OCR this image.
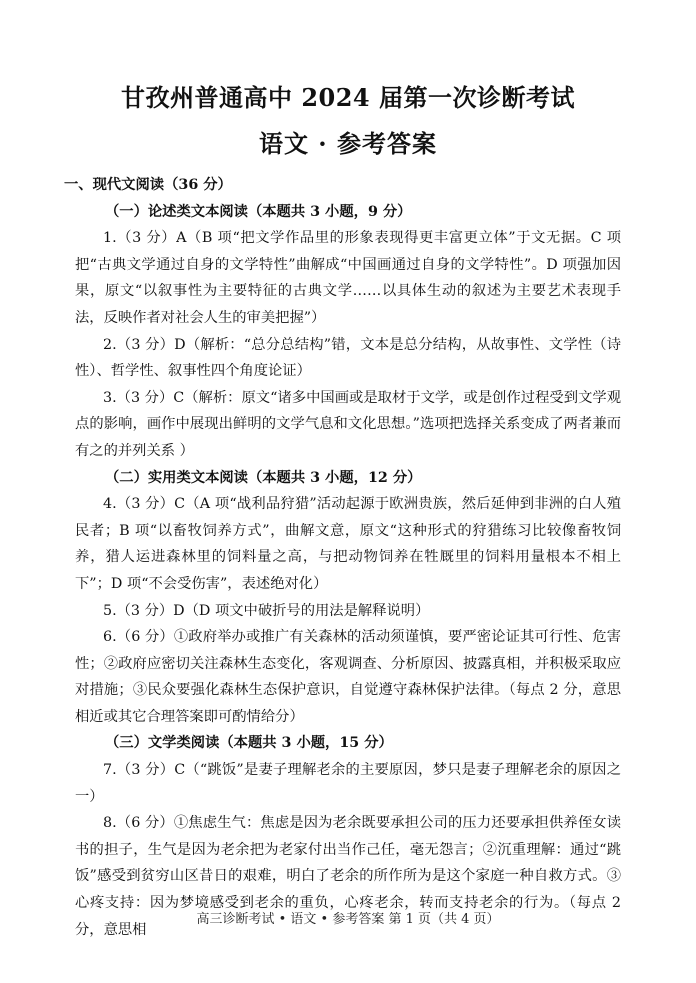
甘孜州普通高中 2024 届第一次诊断考试
语文 · 参考答案

一、现代文阅读（36 分）

（一）论述类文本阅读（本题共 3 小题，9 分）

1.（3 分）A（B 项“把文学作品里的形象表现得更丰富更立体”于文无据。C 项把“古典文学通过自身的文学特性”曲解成“中国画通过自身的文学特性”。D 项强加因果，原文“以叙事性为主要特征的古典文学……以具体生动的叙述为主要艺术表现手法，反映作者对社会人生的审美把握”）

2.（3 分）D（解析：“总分总结构”错，文本是总分结构，从故事性、文学性（诗性）、哲学性、叙事性四个角度论证）

3.（3 分）C（解析：原文“诸多中国画或是取材于文学，或是创作过程受到文学观点的影响，画作中展现出鲜明的文学气息和文化思想。”选项把选择关系变成了两者兼而有之的并列关系 ）

（二）实用类文本阅读（本题共 3 小题，12 分）

4.（3 分）C（A 项“战利品狩猎”活动起源于欧洲贵族，然后延伸到非洲的白人殖民者；B 项“以畜牧饲养方式”，曲解文意，原文“这种形式的狩猎练习比较像畜牧饲养，猎人运进森林里的饲料量之高，与把动物饲养在牲厩里的饲料用量根本不相上下”；D 项“不会受伤害”，表述绝对化）

5.（3 分）D（D 项文中破折号的用法是解释说明）

6.（6 分）①政府举办或推广有关森林的活动须谨慎，要严密论证其可行性、危害性；②政府应密切关注森林生态变化，客观调查、分析原因、披露真相，并积极采取应对措施；③民众要强化森林生态保护意识，自觉遵守森林保护法律。（每点 2 分，意思相近或其它合理答案即可酌情给分）

（三）文学类阅读（本题共 3 小题，15 分）

7.（3 分）C（“跳饭”是妻子理解老余的主要原因，梦只是妻子理解老余的原因之一）

8.（6 分）①焦虑生气：焦虑是因为老余既要承担公司的压力还要承担供养侄女读书的担子，生气是因为老余把为老家付出当作己任，毫无怨言；②沉重理解：通过“跳饭”感受到贫穷山区昔日的艰难，明白了老余的所作所为是这个家庭一种自救方式。③心疼支持：因为梦境感受到老余的重负，心疼老余，转而支持老余的行为。（每点 2 分，意思相

高三诊断考试 • 语文 • 参考答案 第 1 页（共 4 页）
